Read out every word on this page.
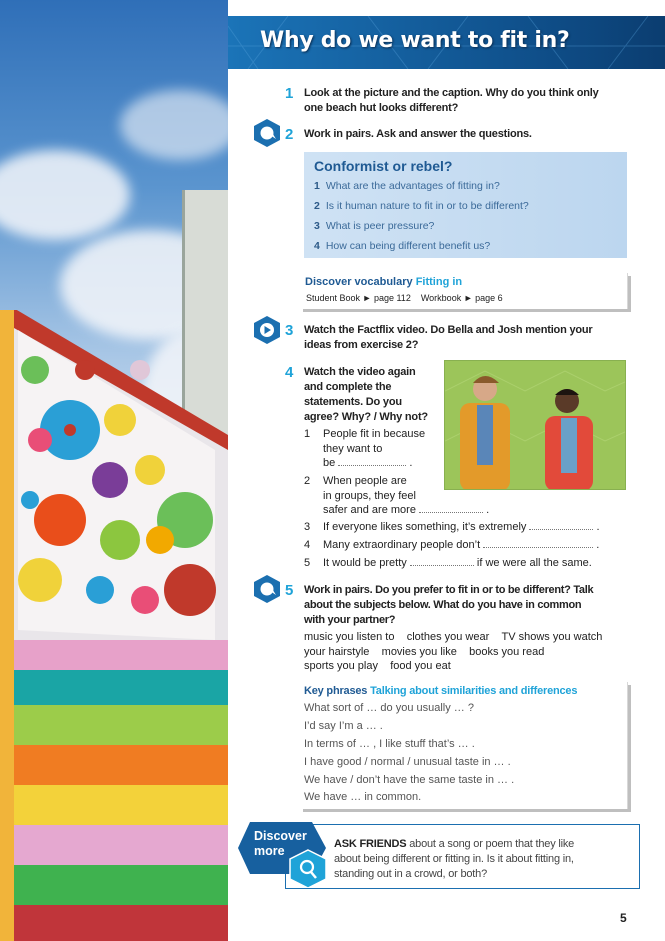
Why do we want to fit in?
1 Look at the picture and the caption. Why do you think only
one beach hut looks different?
2 Work in pairs. Ask and answer the questions.
Conformist or rebel?
1 What are the advantages of fitting in?
2 Is it human nature to fit in or to be different?
3 What is peer pressure?
4 How can being different benefit us?
Discover vocabulary Fitting in
Student Book ► page 112 Workbook ► page 6
3 Watch the Factflix video. Do Bella and Josh mention your
ideas from exercise 2?
4 Watch the video again
and complete the
statements. Do you
agree? Why? / Why not?
1 People fit in because
they want to
be	.
2 When people are
in groups, they feel
safer and are more	.
3 If everyone likes something, it’s extremely	.
4 Many extraordinary people don’t	.
5 It would be pretty	if we were all the same.
5 Work in pairs. Do you prefer to fit in or to be different? Talk
about the subjects below. What do you have in common
with your partner?
music you listen to clothes you wear TV shows you watch
your hairstyle movies you like books you read
sports you play food you eat
Key phrases Talking about similarities and differences
What sort of … do you usually … ?
I’d say I’m a … .
In terms of … , I like stuff that’s … .
I have good / normal / unusual taste in … .
We have / don’t have the same taste in … .
We have … in common.
ASK FRIENDS about a song or poem that they like
about being different or fitting in. Is it about fitting in,
standing out in a crowd, or both?
Discover
more
5
